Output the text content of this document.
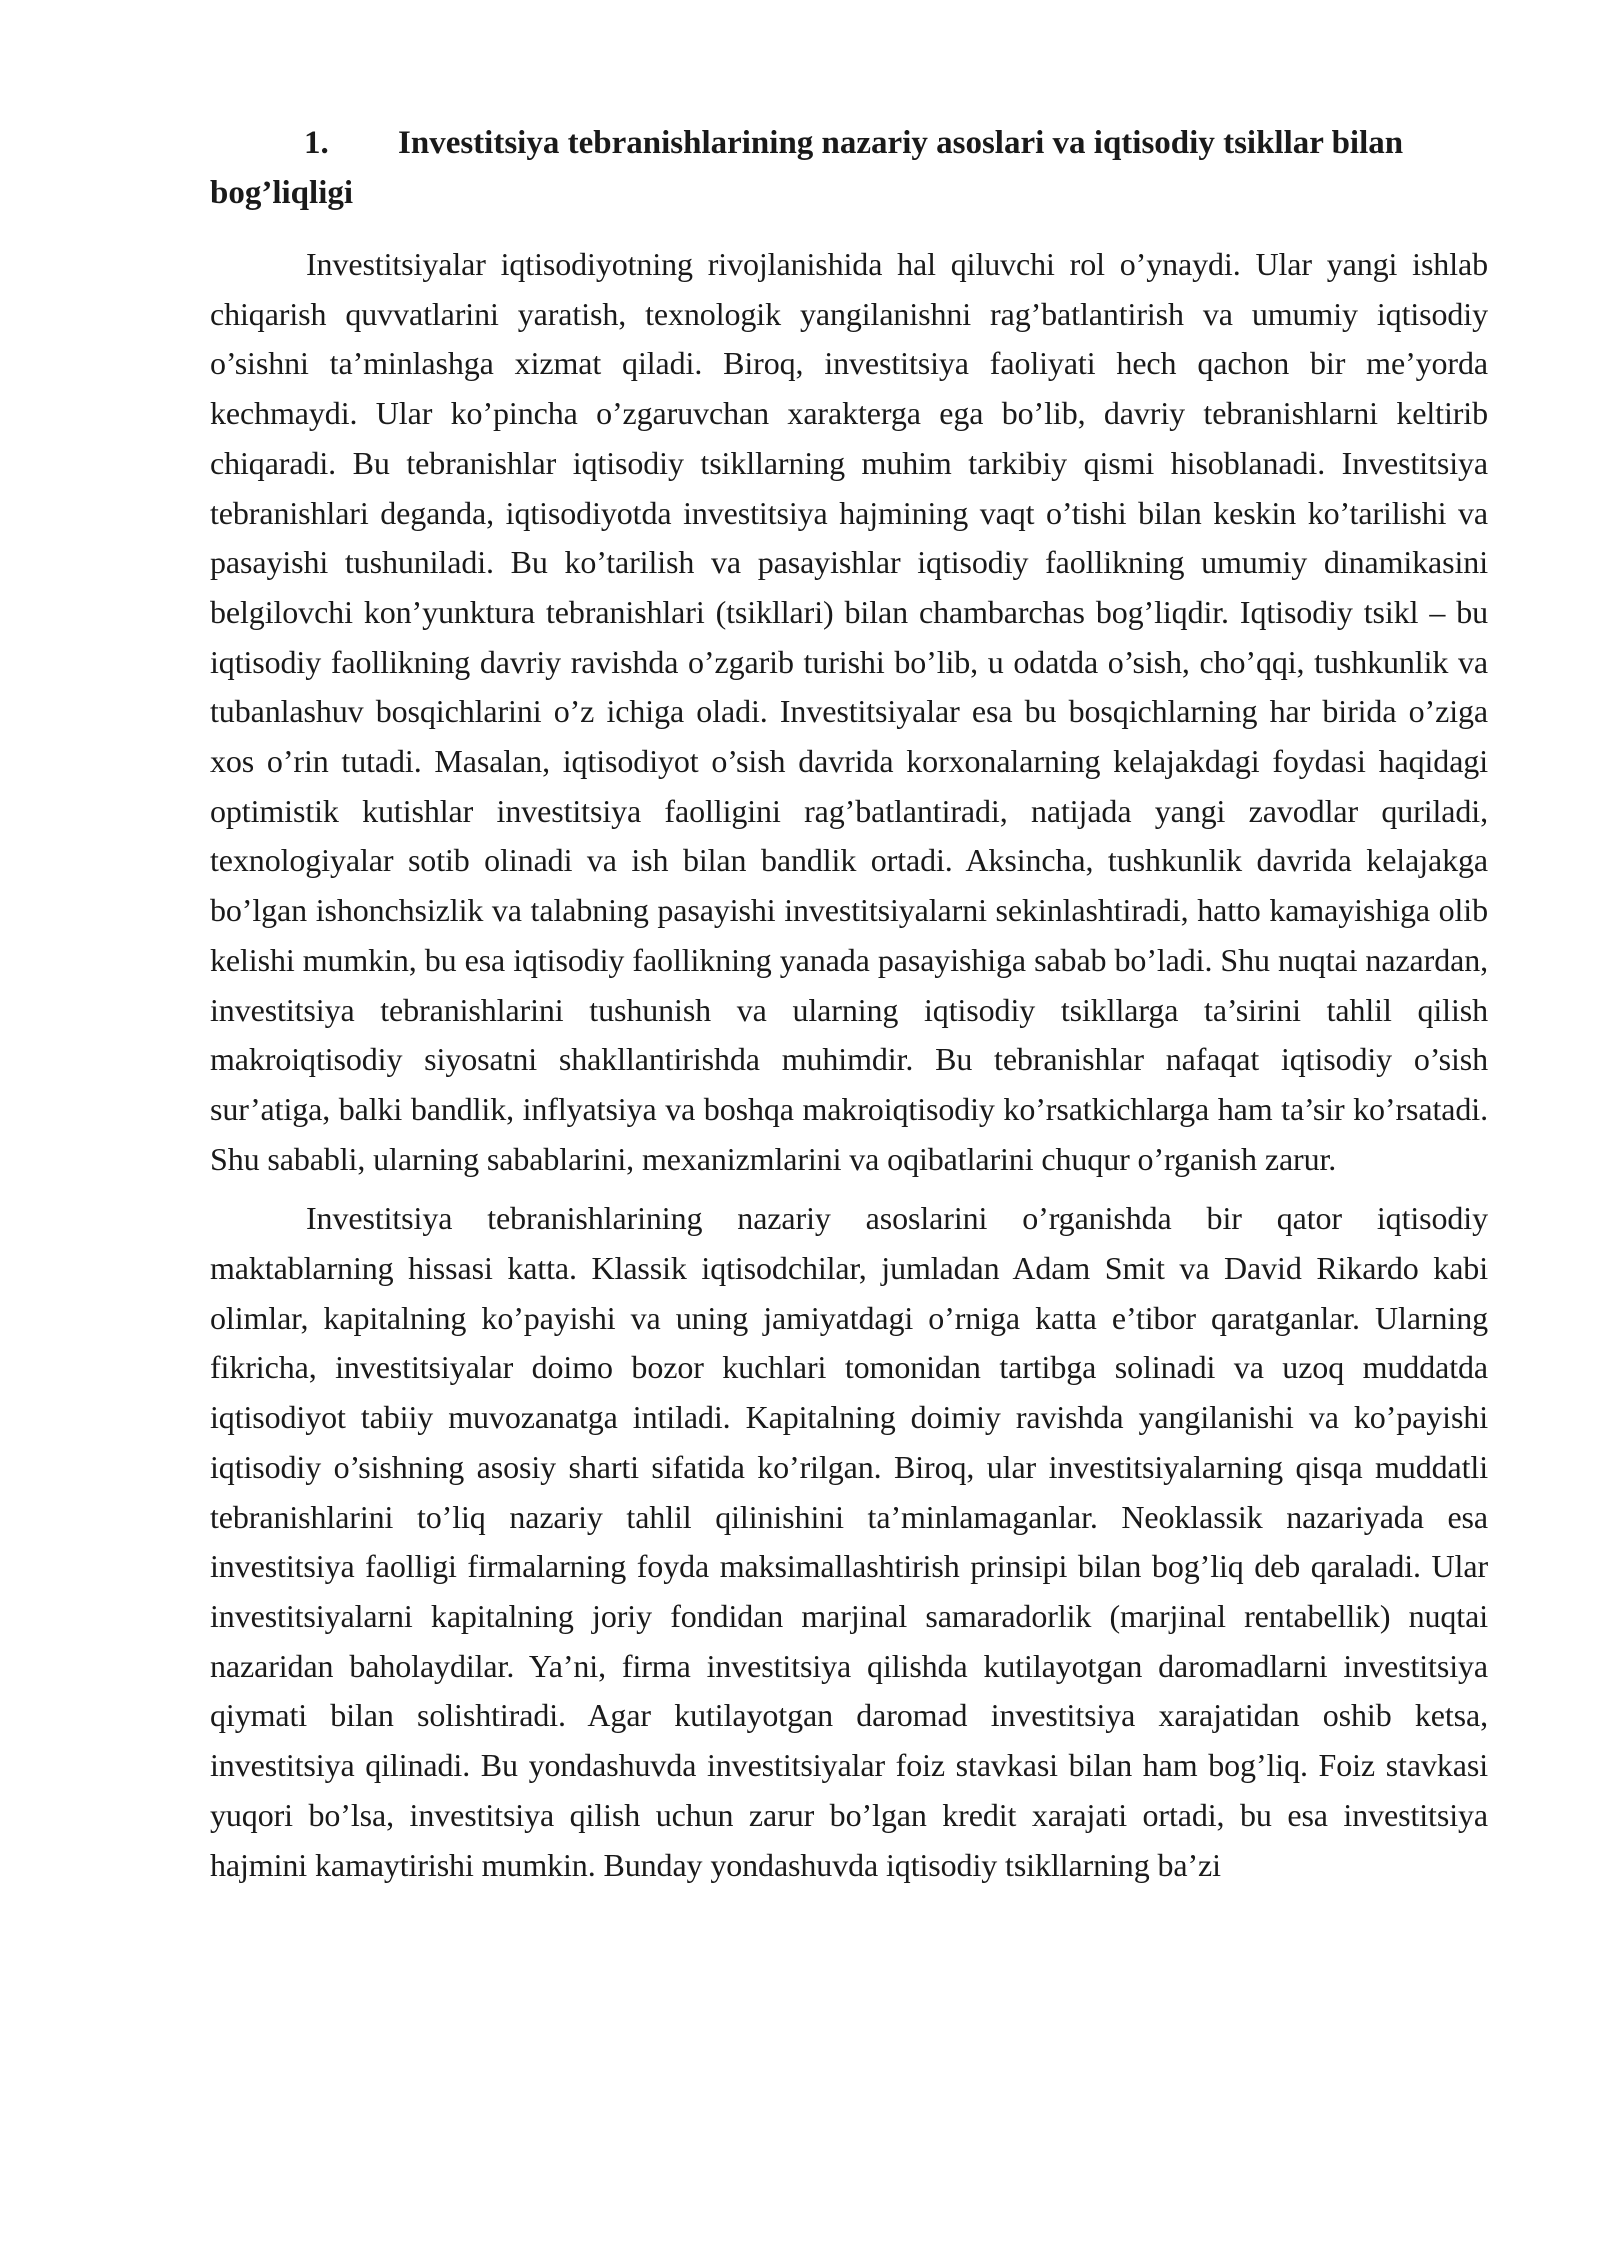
1. Investitsiya tebranishlarining nazariy asoslari va iqtisodiy tsikllar bilan bog’liqligi

Investitsiyalar iqtisodiyotning rivojlanishida hal qiluvchi rol o’ynaydi. Ular yangi ishlab chiqarish quvvatlarini yaratish, texnologik yangilanishni rag’batlantirish va umumiy iqtisodiy o’sishni ta’minlashga xizmat qiladi. Biroq, investitsiya faoliyati hech qachon bir me’yorda kechmaydi. Ular ko’pincha o’zgaruvchan xarakterga ega bo’lib, davriy tebranishlarni keltirib chiqaradi. Bu tebranishlar iqtisodiy tsikllarning muhim tarkibiy qismi hisoblanadi. Investitsiya tebranishlari deganda, iqtisodiyotda investitsiya hajmining vaqt o’tishi bilan keskin ko’tarilishi va pasayishi tushuniladi. Bu ko’tarilish va pasayishlar iqtisodiy faollikning umumiy dinamikasini belgilovchi kon’yunktura tebranishlari (tsikllari) bilan chambarchas bog’liqdir. Iqtisodiy tsikl – bu iqtisodiy faollikning davriy ravishda o’zgarib turishi bo’lib, u odatda o’sish, cho’qqi, tushkunlik va tubanlashuv bosqichlarini o’z ichiga oladi. Investitsiyalar esa bu bosqichlarning har birida o’ziga xos o’rin tutadi. Masalan, iqtisodiyot o’sish davrida korxonalarning kelajakdagi foydasi haqidagi optimistik kutishlar investitsiya faolligini rag’batlantiradi, natijada yangi zavodlar quriladi, texnologiyalar sotib olinadi va ish bilan bandlik ortadi. Aksincha, tushkunlik davrida kelajakga bo’lgan ishonchsizlik va talabning pasayishi investitsiyalarni sekinlashtiradi, hatto kamayishiga olib kelishi mumkin, bu esa iqtisodiy faollikning yanada pasayishiga sabab bo’ladi. Shu nuqtai nazardan, investitsiya tebranishlarini tushunish va ularning iqtisodiy tsikllarga ta’sirini tahlil qilish makroiqtisodiy siyosatni shakllantirishda muhimdir. Bu tebranishlar nafaqat iqtisodiy o’sish sur’atiga, balki bandlik, inflyatsiya va boshqa makroiqtisodiy ko’rsatkichlarga ham ta’sir ko’rsatadi. Shu sababli, ularning sabablarini, mexanizmlarini va oqibatlarini chuqur o’rganish zarur.

Investitsiya tebranishlarining nazariy asoslarini o’rganishda bir qator iqtisodiy maktablarning hissasi katta. Klassik iqtisodchilar, jumladan Adam Smit va David Rikardo kabi olimlar, kapitalning ko’payishi va uning jamiyatdagi o’rniga katta e’tibor qaratganlar. Ularning fikricha, investitsiyalar doimo bozor kuchlari tomonidan tartibga solinadi va uzoq muddatda iqtisodiyot tabiiy muvozanatga intiladi. Kapitalning doimiy ravishda yangilanishi va ko’payishi iqtisodiy o’sishning asosiy sharti sifatida ko’rilgan. Biroq, ular investitsiyalarning qisqa muddatli tebranishlarini to’liq nazariy tahlil qilinishini ta’minlamaganlar. Neoklassik nazariyada esa investitsiya faolligi firmalarning foyda maksimallashtirish prinsipi bilan bog’liq deb qaraladi. Ular investitsiyalarni kapitalning joriy fondidan marjinal samaradorlik (marjinal rentabellik) nuqtai nazaridan baholaydilar. Ya’ni, firma investitsiya qilishda kutilayotgan daromadlarni investitsiya qiymati bilan solishtiradi. Agar kutilayotgan daromad investitsiya xarajatidan oshib ketsa, investitsiya qilinadi. Bu yondashuvda investitsiyalar foiz stavkasi bilan ham bog’liq. Foiz stavkasi yuqori bo’lsa, investitsiya qilish uchun zarur bo’lgan kredit xarajati ortadi, bu esa investitsiya hajmini kamaytirishi mumkin. Bunday yondashuvda iqtisodiy tsikllarning ba’zi
